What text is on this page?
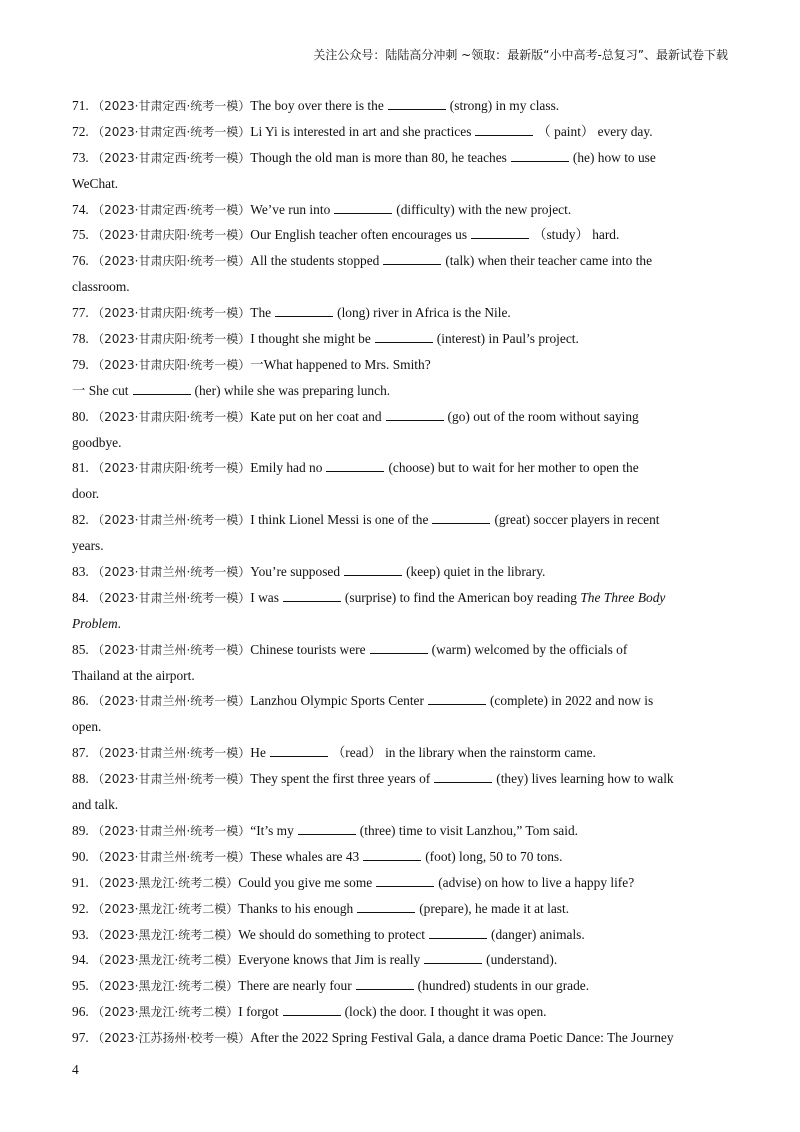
关注公众号：陆陆高分冲刺 ~领取：最新版“小中高考-总复习”、最新试卷下载
71. （2023·甘肃定西·统考一模）The boy over there is the	(strong) in my class.
72. （2023·甘肃定西·统考一模）Li Yi is interested in art and she practices	（ paint） every day.
73. （2023·甘肃定西·统考一模）Though the old man is more than 80, he teaches	(he) how to use
WeChat.
74. （2023·甘肃定西·统考一模）We’ve run into	(difficulty) with the new project.
75. （2023·甘肃庆阳·统考一模）Our English teacher often encourages us	（study） hard.
76. （2023·甘肃庆阳·统考一模）All the students stopped	(talk) when their teacher came into the
classroom.
77. （2023·甘肃庆阳·统考一模）The	(long) river in Africa is the Nile.
78. （2023·甘肃庆阳·统考一模）I thought she might be	(interest) in Paul’s project.
79. （2023·甘肃庆阳·统考一模）一What happened to Mrs. Smith?
一 She cut	(her) while she was preparing lunch.
80. （2023·甘肃庆阳·统考一模）Kate put on her coat and	(go) out of the room without saying
goodbye.
81. （2023·甘肃庆阳·统考一模）Emily had no	(choose) but to wait for her mother to open the
door.
82. （2023·甘肃兰州·统考一模）I think Lionel Messi is one of the	(great) soccer players in recent
years.
83. （2023·甘肃兰州·统考一模）You’re supposed	(keep) quiet in the library.
84. （2023·甘肃兰州·统考一模）I was	(surprise) to find the American boy reading The Three Body
Problem.
85. （2023·甘肃兰州·统考一模）Chinese tourists were	(warm) welcomed by the officials of
Thailand at the airport.
86. （2023·甘肃兰州·统考一模）Lanzhou Olympic Sports Center	(complete) in 2022 and now is
open.
87. （2023·甘肃兰州·统考一模）He	（read） in the library when the rainstorm came.
88. （2023·甘肃兰州·统考一模）They spent the first three years of	(they) lives learning how to walk
and talk.
89. （2023·甘肃兰州·统考一模）“It’s my	(three) time to visit Lanzhou,” Tom said.
90. （2023·甘肃兰州·统考一模）These whales are 43	(foot) long, 50 to 70 tons.
91. （2023·黑龙江·统考二模）Could you give me some	(advise) on how to live a happy life?
92. （2023·黑龙江·统考二模）Thanks to his enough	(prepare), he made it at last.
93. （2023·黑龙江·统考二模）We should do something to protect	(danger) animals.
94. （2023·黑龙江·统考二模）Everyone knows that Jim is really	(understand).
95. （2023·黑龙江·统考二模）There are nearly four	(hundred) students in our grade.
96. （2023·黑龙江·统考二模）I forgot	(lock) the door. I thought it was open.
97. （2023·江苏扬州·校考一模）After the 2022 Spring Festival Gala, a dance drama Poetic Dance: The Journey
4
